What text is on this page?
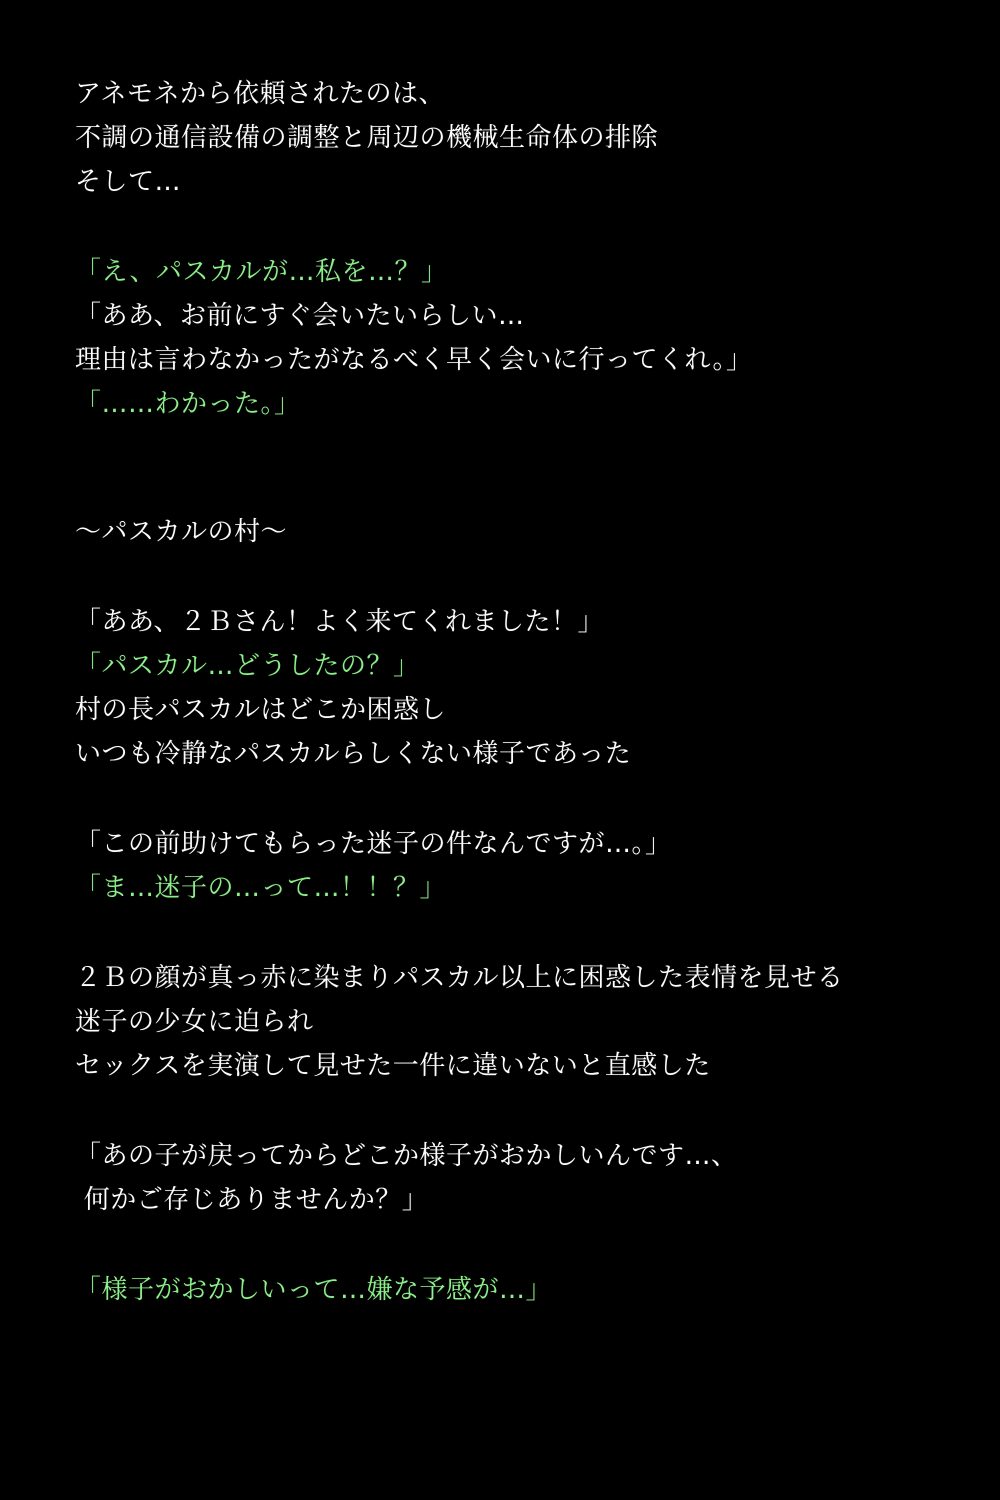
アネモネから依頼されたのは、
不調の通信設備の調整と周辺の機械生命体の排除
そして…
「え、パスカルが…私を…？」
「ああ、お前にすぐ会いたいらしい…
理由は言わなかったがなるべく早く会いに行ってくれ。」
「……わかった。」
〜パスカルの村〜
「ああ、２Ｂさん！よく来てくれました！」
「パスカル…どうしたの？」
村の長パスカルはどこか困惑し
いつも冷静なパスカルらしくない様子であった
「この前助けてもらった迷子の件なんですが…。」
「ま…迷子の…って…！！？」
２Ｂの顔が真っ赤に染まりパスカル以上に困惑した表情を見せる
迷子の少女に迫られ
セックスを実演して見せた一件に違いないと直感した
「あの子が戻ってからどこか様子がおかしいんです…、
何かご存じありませんか？」
「様子がおかしいって…嫌な予感が…」
